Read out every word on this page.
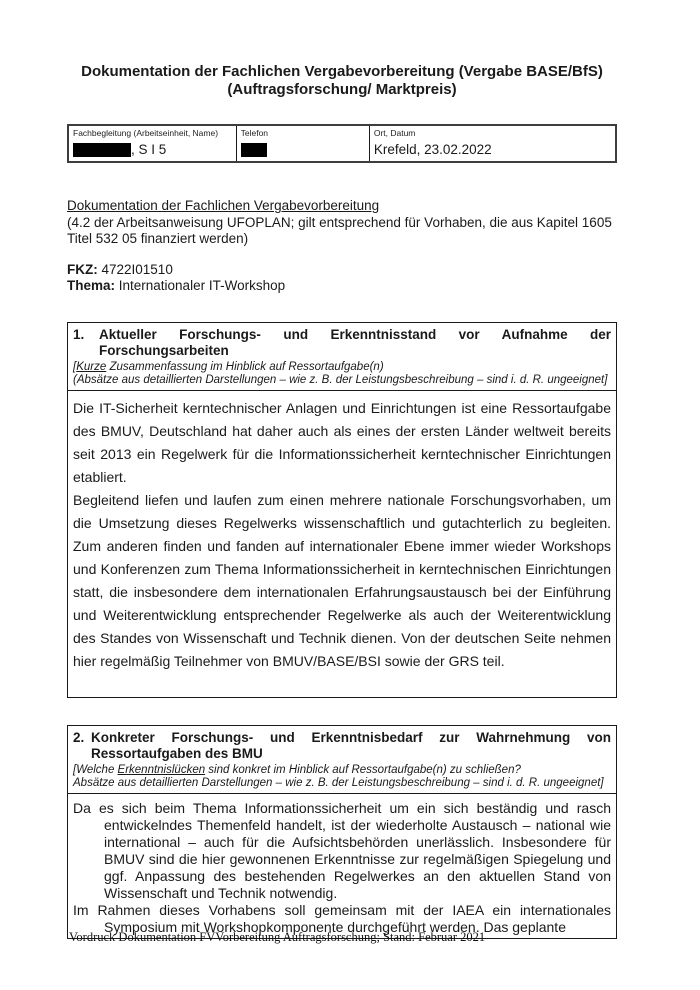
Dokumentation der Fachlichen Vergabevorbereitung (Vergabe BASE/BfS)
(Auftragsforschung/ Marktpreis)
Fachbegleitung (Arbeitseinheit, Name)
, S I 5
Telefon	Ort, Datum
Krefeld, 23.02.2022
Dokumentation der Fachlichen Vergabevorbereitung
(4.2 der Arbeitsanweisung UFOPLAN; gilt entsprechend für Vorhaben, die aus Kapitel 1605 Titel 532 05 finanziert werden)
FKZ: 4722I01510
Thema: Internationaler IT-Workshop
1.	Aktueller Forschungs- und Erkenntnisstand vor Aufnahme der Forschungsarbeiten
[Kurze Zusammenfassung im Hinblick auf Ressortaufgabe(n)
(Absätze aus detaillierten Darstellungen – wie z. B. der Leistungsbeschreibung – sind i. d. R. ungeeignet]

Die IT-Sicherheit kerntechnischer Anlagen und Einrichtungen ist eine Ressortaufgabe des BMUV, Deutschland hat daher auch als eines der ersten Länder weltweit bereits seit 2013 ein Regelwerk für die Informationssicherheit kerntechnischer Einrichtungen etabliert.

Begleitend liefen und laufen zum einen mehrere nationale Forschungsvorhaben, um die Umsetzung dieses Regelwerks wissenschaftlich und gutachterlich zu begleiten. Zum anderen finden und fanden auf internationaler Ebene immer wieder Workshops und Konferenzen zum Thema Informationssicherheit in kerntechnischen Einrichtungen statt, die insbesondere dem internationalen Erfahrungsaustausch bei der Einführung und Weiterentwicklung entsprechender Regelwerke als auch der Weiterentwicklung des Standes von Wissenschaft und Technik dienen. Von der deutschen Seite nehmen hier regelmäßig Teilnehmer von BMUV/BASE/BSI sowie der GRS teil.

2. Konkreter Forschungs- und Erkenntnisbedarf zur Wahrnehmung von Ressortaufgaben des BMU
[Welche Erkenntnislücken sind konkret im Hinblick auf Ressortaufgabe(n) zu schließen?
Absätze aus detaillierten Darstellungen – wie z. B. der Leistungsbeschreibung – sind i. d. R. ungeeignet]

Da es sich beim Thema Informationssicherheit um ein sich beständig und rasch entwickelndes Themenfeld handelt, ist der wiederholte Austausch – national wie international – auch für die Aufsichtsbehörden unerlässlich. Insbesondere für BMUV sind die hier gewonnenen Erkenntnisse zur regelmäßigen Spiegelung und ggf. Anpassung des bestehenden Regelwerkes an den aktuellen Stand von Wissenschaft und Technik notwendig.

Im Rahmen dieses Vorhabens soll gemeinsam mit der IAEA ein internationales Symposium mit Workshopkomponente durchgeführt werden. Das geplante

Vordruck Dokumentation FVVorbereitung Auftragsforschung; Stand: Februar 2021
